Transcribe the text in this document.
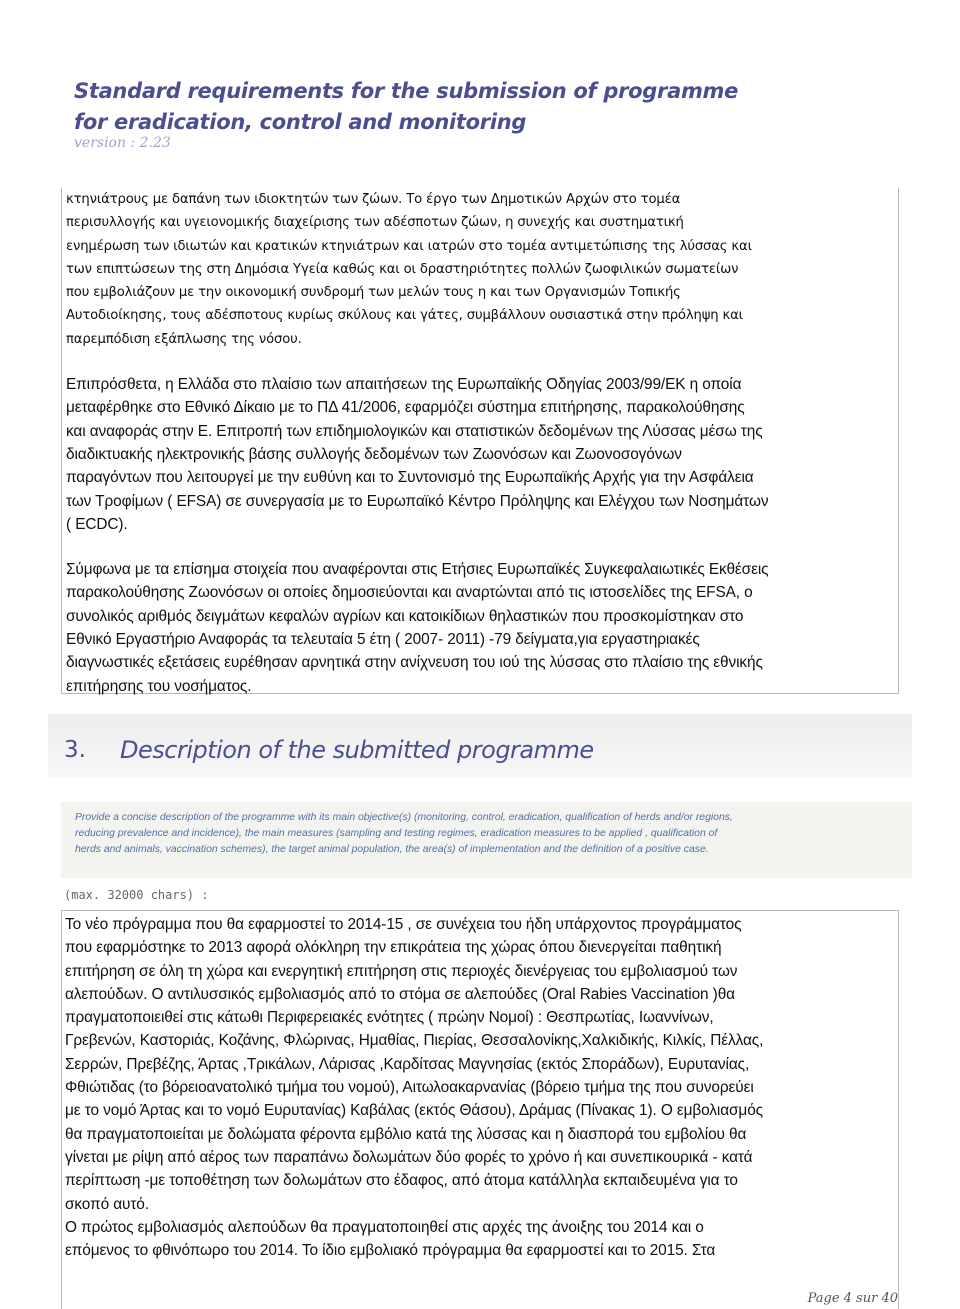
Standard requirements for the submission of programme
for eradication, control and monitoring
version : 2.23

κτηνιάτρους με δαπάνη των ιδιοκτητών των ζώων. Το έργο των Δημοτικών Αρχών στο τομέα

περισυλλογής και υγειονομικής διαχείρισης των αδέσποτων ζώων, η συνεχής και συστηματική

ενημέρωση των ιδιωτών και κρατικών κτηνιάτρων και ιατρών στο τομέα αντιμετώπισης της λύσσας και

των επιπτώσεων της στη Δημόσια Υγεία καθώς και οι δραστηριότητες πολλών ζωοφιλικών σωματείων

που εμβολιάζουν με την οικονομική συνδρομή των μελών τους η και των Οργανισμών Τοπικής

Αυτοδιοίκησης, τους αδέσποτους κυρίως σκύλους και γάτες, συμβάλλουν ουσιαστικά στην πρόληψη και

παρεμπόδιση εξάπλωσης της νόσου.

Επιπρόσθετα, η Ελλάδα στο πλαίσιο των απαιτήσεων της Ευρωπαϊκής Οδηγίας 2003/99/ΕΚ η οποία

μεταφέρθηκε στο Εθνικό Δίκαιο με το ΠΔ 41/2006, εφαρμόζει σύστημα επιτήρησης, παρακολούθησης

και αναφοράς στην Ε. Επιτροπή των επιδημιολογικών και στατιστικών δεδομένων της Λύσσας μέσω της

διαδικτυακής ηλεκτρονικής βάσης συλλογής δεδομένων των Ζωονόσων και Ζωονοσογόνων

παραγόντων που λειτουργεί με την ευθύνη και το Συντονισμό της Ευρωπαϊκής Αρχής για την Ασφάλεια

των Τροφίμων ( EFSA) σε συνεργασία με το Ευρωπαϊκό Κέντρο Πρόληψης και Ελέγχου των Νοσημάτων

( ECDC).

Σύμφωνα με τα επίσημα στοιχεία που αναφέρονται στις Ετήσιες Ευρωπαϊκές Συγκεφαλαιωτικές Εκθέσεις

παρακολούθησης Ζωονόσων οι οποίες δημοσιεύονται και αναρτώνται από τις ιστοσελίδες της EFSA, ο

συνολικός αριθμός δειγμάτων κεφαλών αγρίων και κατοικίδιων θηλαστικών που προσκομίστηκαν στο

Εθνικό Εργαστήριο Αναφοράς τα τελευταία 5 έτη ( 2007- 2011) -79 δείγματα,για εργαστηριακές

διαγνωστικές εξετάσεις ευρέθησαν αρνητικά στην ανίχνευση του ιού της λύσσας στο πλαίσιο της εθνικής

επιτήρησης του νοσήματος.

3. Description of the submitted programme

Provide a concise description of the programme with its main objective(s) (monitoring, control, eradication, qualification of herds and/or regions,

reducing prevalence and incidence), the main measures (sampling and testing regimes, eradication measures to be applied , qualification of

herds and animals, vaccination schemes), the target animal population, the area(s) of implementation and the definition of a positive case.

(max. 32000 chars) :

Το νέο πρόγραμμα που θα εφαρμοστεί το 2014-15 , σε συνέχεια του ήδη υπάρχοντος προγράμματος

που εφαρμόστηκε το 2013 αφορά ολόκληρη την επικράτεια της χώρας όπου διενεργείται παθητική

επιτήρηση σε όλη τη χώρα και ενεργητική επιτήρηση στις περιοχές διενέργειας του εμβολιασμού των

αλεπούδων. Ο αντιλυσσικός εμβολιασμός από το στόμα σε αλεπούδες (Oral Rabies Vaccination )θα

πραγματοποιειθεί στις κάτωθι Περιφερειακές ενότητες ( πρώην Νομοί) : Θεσπρωτίας, Ιωαννίνων,

Γρεβενών, Καστοριάς, Κοζάνης, Φλώρινας, Ημαθίας, Πιερίας, Θεσσαλονίκης,Χαλκιδικής, Κιλκίς, Πέλλας,

Σερρών, Πρεβέζης, Άρτας ,Τρικάλων, Λάρισας ,Καρδίτσας Μαγνησίας (εκτός Σποράδων), Ευρυτανίας,

Φθιώτιδας (το βόρειοανατολικό τμήμα του νομού), Αιτωλοακαρνανίας (βόρειο τμήμα της που συνορεύει

με το νομό Άρτας και το νομό Ευρυτανίας) Καβάλας (εκτός Θάσου), Δράμας (Πίνακας 1). Ο εμβολιασμός

θα πραγματοποιείται με δολώματα φέροντα εμβόλιο κατά της λύσσας και η διασπορά του εμβολίου θα

γίνεται με ρίψη από αέρος των παραπάνω δολωμάτων δύο φορές το χρόνο ή και συνεπικουρικά - κατά

περίπτωση -με τοποθέτηση των δολωμάτων στο έδαφος, από άτομα κατάλληλα εκπαιδευμένα για το

σκοπό αυτό.

Ο πρώτος εμβολιασμός αλεπούδων θα πραγματοποιηθεί στις αρχές της άνοιξης του 2014 και ο

επόμενος το φθινόπωρο του 2014. Το ίδιο εμβολιακό πρόγραμμα θα εφαρμοστεί και το 2015. Στα

Page 4 sur 40
